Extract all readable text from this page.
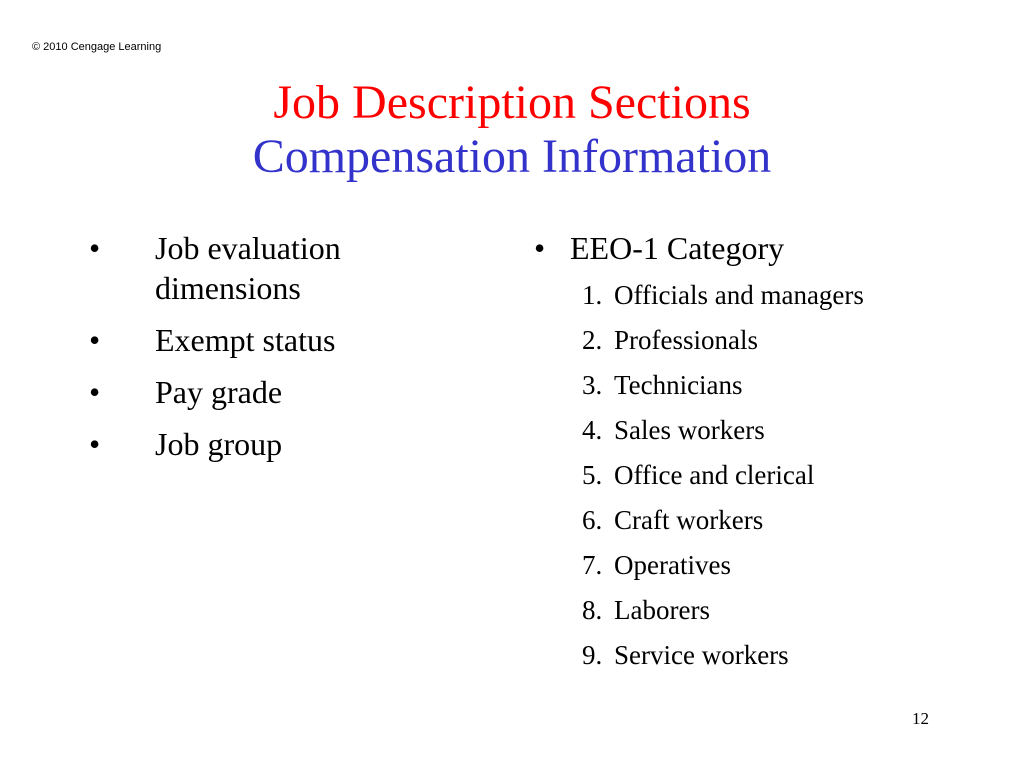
© 2010 Cengage Learning
Job Description Sections
Compensation Information
•	Job evaluation dimensions
•	Exempt status
•	Pay grade
•	Job group
• EEO-1 Category
1. Officials and managers
2. Professionals
3. Technicians
4. Sales workers
5. Office and clerical
6. Craft workers
7. Operatives
8. Laborers
9. Service workers
12
